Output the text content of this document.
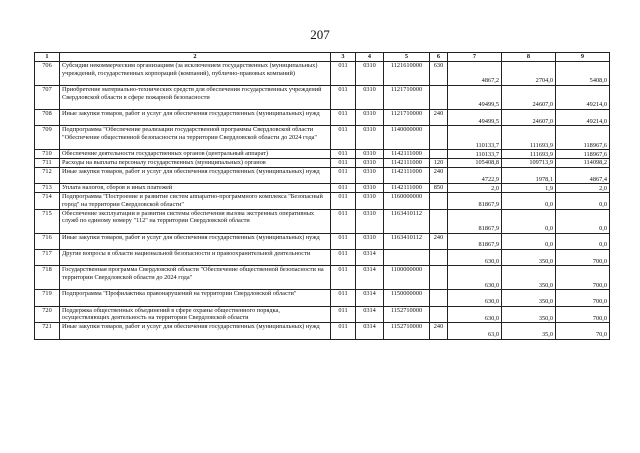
207
1	2	3	4	5	6	7	8	9
706	Субсидии некоммерческим организациям (за исключением государственных (муниципальных) учреждений, государственных корпораций (компаний), публично-правовых компаний)	011	0310	1121610000	630	4867,2	2704,0	5408,0
707	Приобретение материально-технических средств для обеспечения государственных учреждений Свердловской области в сфере пожарной безопасности	011	0310	1121710000		49499,5	24607,0	49214,0
708	Иные закупки товаров, работ и услуг для обеспечения государственных (муниципальных) нужд	011	0310	1121710000	240	49499,5	24607,0	49214,0
709	Подпрограмма "Обеспечение реализации государственной программы Свердловской области "Обеспечение общественной безопасности на территории Свердловской области до 2024 года"	011	0310	1140000000		110133,7	111693,9	118967,6
710	Обеспечение деятельности государственных органов (центральный аппарат)	011	0310	1142111000		110133,7	111693,9	118967,6
711	Расходы на выплаты персоналу государственных (муниципальных) органов	011	0310	1142111000	120	105408,8	109713,9	114098,2
712	Иные закупки товаров, работ и услуг для обеспечения государственных (муниципальных) нужд	011	0310	1142111000	240	4722,9	1978,1	4867,4
713	Уплата налогов, сборов и иных платежей	011	0310	1142111000	850	2,0	1,9	2,0
714	Подпрограмма "Построение и развитие систем аппаратно-программного комплекса "Безопасный город" на территории Свердловской области"	011	0310	1160000000		81867,9	0,0	0,0
715	Обеспечение эксплуатации и развития системы обеспечения вызова экстренных оперативных служб по единому номеру "112" на территории Свердловской области	011	0310	1163410112		81867,9	0,0	0,0
716	Иные закупки товаров, работ и услуг для обеспечения государственных (муниципальных) нужд	011	0310	1163410112	240	81867,9	0,0	0,0
717	Другие вопросы в области национальной безопасности и правоохранительной деятельности	011	0314			630,0	350,0	700,0
718	Государственная программа Свердловской области "Обеспечение общественной безопасности на территории Свердловской области до 2024 года"	011	0314	1100000000		630,0	350,0	700,0
719	Подпрограмма "Профилактика правонарушений на территории Свердловской области"	011	0314	1150000000		630,0	350,0	700,0
720	Поддержка общественных объединений в сфере охраны общественного порядка, осуществляющих деятельность на территории Свердловской области	011	0314	1152710000		630,0	350,0	700,0
721	Иные закупки товаров, работ и услуг для обеспечения государственных (муниципальных) нужд	011	0314	1152710000	240	63,0	35,0	70,0
